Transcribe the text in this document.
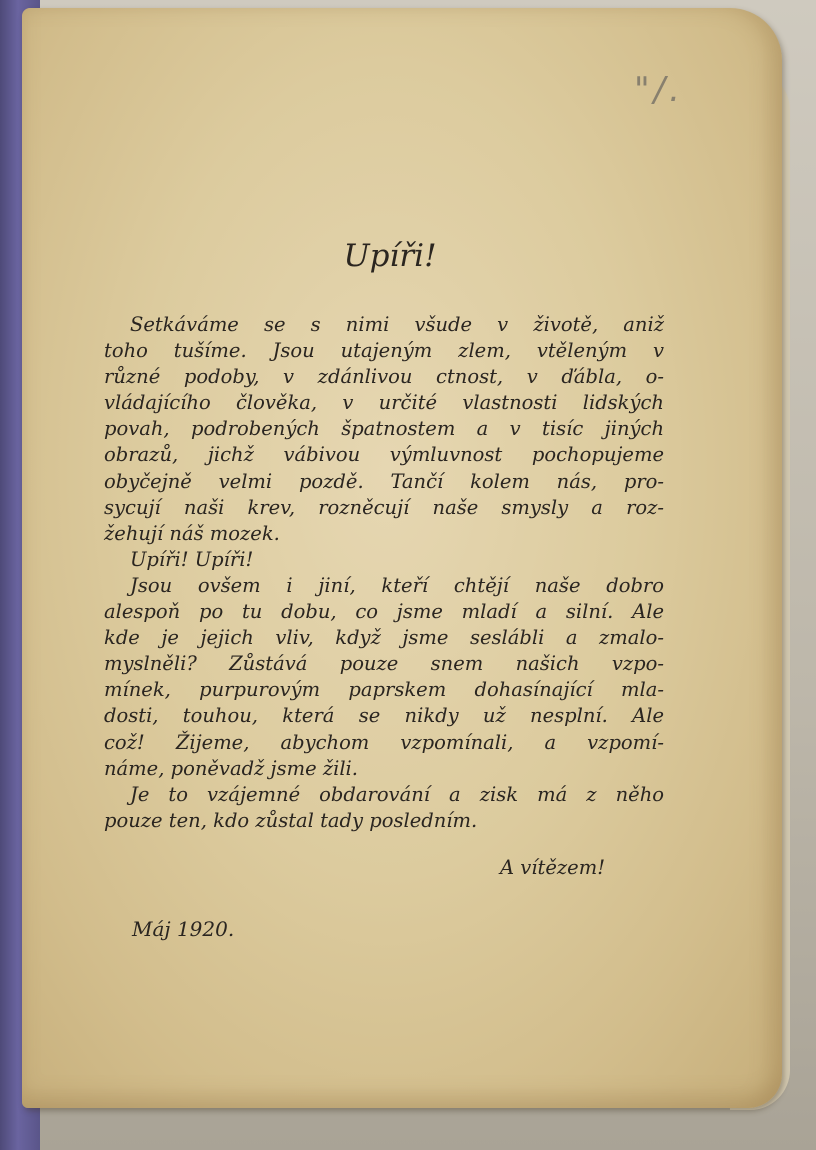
"/.
Upíři!
Setkáváme se s nimi všude v životě, aniž
toho tušíme. Jsou utajeným zlem, vtěleným v
různé podoby, v zdánlivou ctnost, v ďábla, o-
vládajícího člověka, v určité vlastnosti lidských
povah, podrobených špatnostem a v tisíc jiných
obrazů, jichž vábivou výmluvnost pochopujeme
obyčejně velmi pozdě. Tančí kolem nás, pro-
sycují naši krev, rozněcují naše smysly a roz-
žehují náš mozek.
Upíři! Upíři!
Jsou ovšem i jiní, kteří chtějí naše dobro
alespoň po tu dobu, co jsme mladí a silní. Ale
kde je jejich vliv, když jsme seslábli a zmalo-
myslněli? Zůstává pouze snem našich vzpo-
mínek, purpurovým paprskem dohasínající mla-
dosti, touhou, která se nikdy už nesplní. Ale
což! Žijeme, abychom vzpomínali, a vzpomí-
náme, poněvadž jsme žili.
Je to vzájemné obdarování a zisk má z něho
pouze ten, kdo zůstal tady posledním.
A vítězem!
Máj 1920.
